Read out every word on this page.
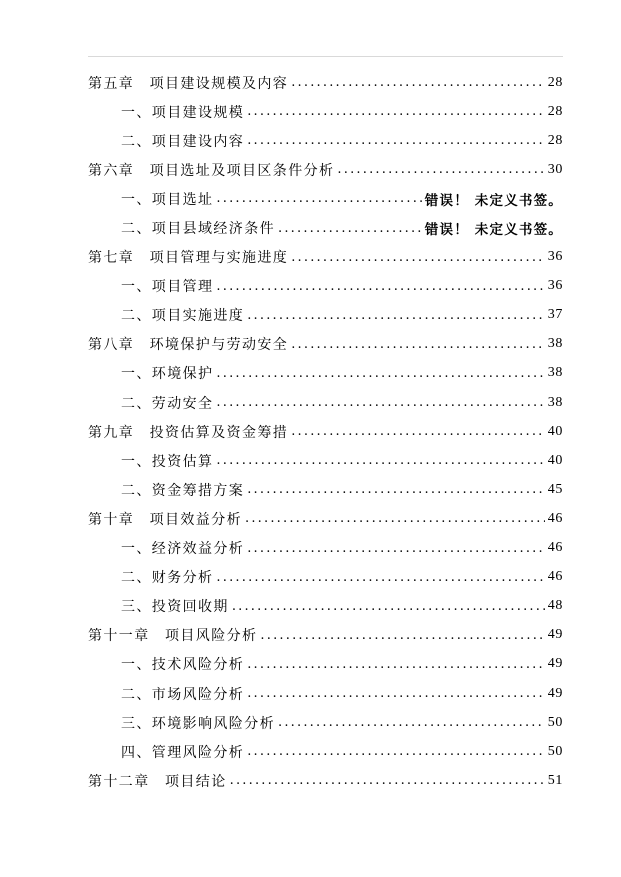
第五章　项目建设规模及内容 .....	28
一、项目建设规模 .....	28
二、项目建设内容 .....	28
第六章　项目选址及项目区条件分析 .....	30
一、项目选址 .....	错误！ 未定义书签。
二、项目县域经济条件 .....	错误！ 未定义书签。
第七章　项目管理与实施进度 .....	36
一、项目管理 .....	36
二、项目实施进度 .....	37
第八章　环境保护与劳动安全 .....	38
一、环境保护 .....	38
二、劳动安全 .....	38
第九章　投资估算及资金筹措 .....	40
一、投资估算 .....	40
二、资金筹措方案 .....	45
第十章　项目效益分析 .....	46
一、经济效益分析 .....	46
二、财务分析 .....	46
三、投资回收期 .....	48
第十一章　项目风险分析 .....	49
一、技术风险分析 .....	49
二、市场风险分析 .....	49
三、环境影响风险分析 .....	50
四、管理风险分析 .....	50
第十二章　项目结论 .....	51
